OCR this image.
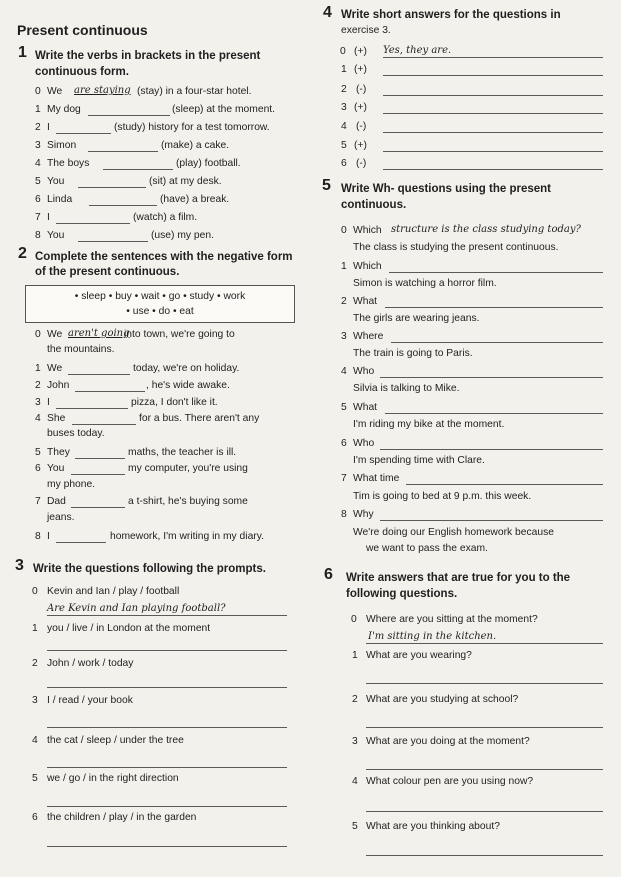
Present continuous
1 Write the verbs in brackets in the present
continuous form.
0 We are staying (stay) in a four-star hotel.
1 My dog	(sleep) at the moment.
2 I	(study) history for a test tomorrow.
3 Simon	(make) a cake.
4 The boys	(play) football.
5 You	(sit) at my desk.
6 Linda	(have) a break.
7 I	(watch) a film.
8 You	(use) my pen.
2 Complete the sentences with the negative form
of the present continuous.
• sleep • buy • wait • go • study • work
• use • do • eat
0 We aren't going
into town, we're going to
the mountains.
1 We	today, we're on holiday.
2 John	, he's wide awake.
3 I	pizza, I don't like it.
4 She	for a bus. There aren't any
buses today.
5 They	maths, the teacher is ill.
6 You	my computer, you're using
my phone.
7 Dad	a t-shirt, he's buying some
jeans.
8 I	homework, I'm writing in my diary.
3 Write the questions following the prompts.
0 Kevin and Ian / play / football
Are Kevin and Ian playing football?
1 you / live / in London at the moment
2 John / work / today
3 I / read / your book
4 the cat / sleep / under the tree
5 we / go / in the right direction
6 the children / play / in the garden
4 Write short answers for the questions in
exercise 3.
0 (+) Yes, they are.
1 (+)
2 (-)
3 (+)
4 (-)
5 (+)
6 (-)
5 Write Wh- questions using the present
continuous.
0 Which structure is the class studying today?
The class is studying the present continuous.
1 Which
Simon is watching a horror film.
2 What
The girls are wearing jeans.
3 Where
The train is going to Paris.
4 Who
Silvia is talking to Mike.
5 What
I'm riding my bike at the moment.
6 Who
I'm spending time with Clare.
7 What time
Tim is going to bed at 9 p.m. this week.
8 Why
We're doing our English homework because
we want to pass the exam.
6 Write answers that are true for you to the
following questions.
0 Where are you sitting at the moment?
I'm sitting in the kitchen.
1 What are you wearing?
2 What are you studying at school?
3 What are you doing at the moment?
4 What colour pen are you using now?
5 What are you thinking about?
